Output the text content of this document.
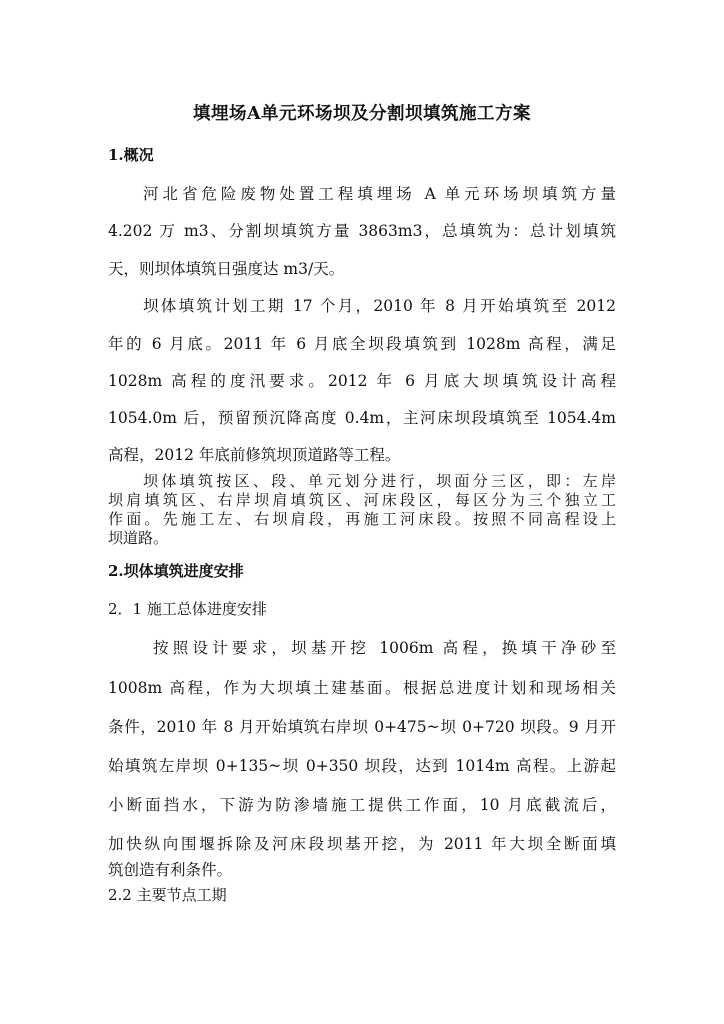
填埋场A单元环场坝及分割坝填筑施工方案
1.概况
河北省危险废物处置工程填埋场 A 单元环场坝填筑方量
4.202 万 m3、分割坝填筑方量 3863m3，总填筑为：总计划填筑
天，则坝体填筑日强度达 m3/天。
坝体填筑计划工期 17 个月，2010 年 8 月开始填筑至 2012
年的 6 月底。2011 年 6 月底全坝段填筑到 1028m 高程，满足
1028m 高程的度汛要求。2012 年 6 月底大坝填筑设计高程
1054.0m 后，预留预沉降高度 0.4m，主河床坝段填筑至 1054.4m
高程，2012 年底前修筑坝顶道路等工程。
坝体填筑按区、段、单元划分进行，坝面分三区，即：左岸
坝肩填筑区、右岸坝肩填筑区、河床段区，每区分为三个独立工
作面。先施工左、右坝肩段，再施工河床段。按照不同高程设上
坝道路。
2.坝体填筑进度安排
2．1 施工总体进度安排
按照设计要求，坝基开挖 1006m 高程，换填干净砂至
1008m 高程，作为大坝填土建基面。根据总进度计划和现场相关
条件，2010 年 8 月开始填筑右岸坝 0+475~坝 0+720 坝段。9 月开
始填筑左岸坝 0+135~坝 0+350 坝段，达到 1014m 高程。上游起
小断面挡水，下游为防渗墙施工提供工作面，10 月底截流后，
加快纵向围堰拆除及河床段坝基开挖，为 2011 年大坝全断面填
筑创造有利条件。
2.2 主要节点工期
